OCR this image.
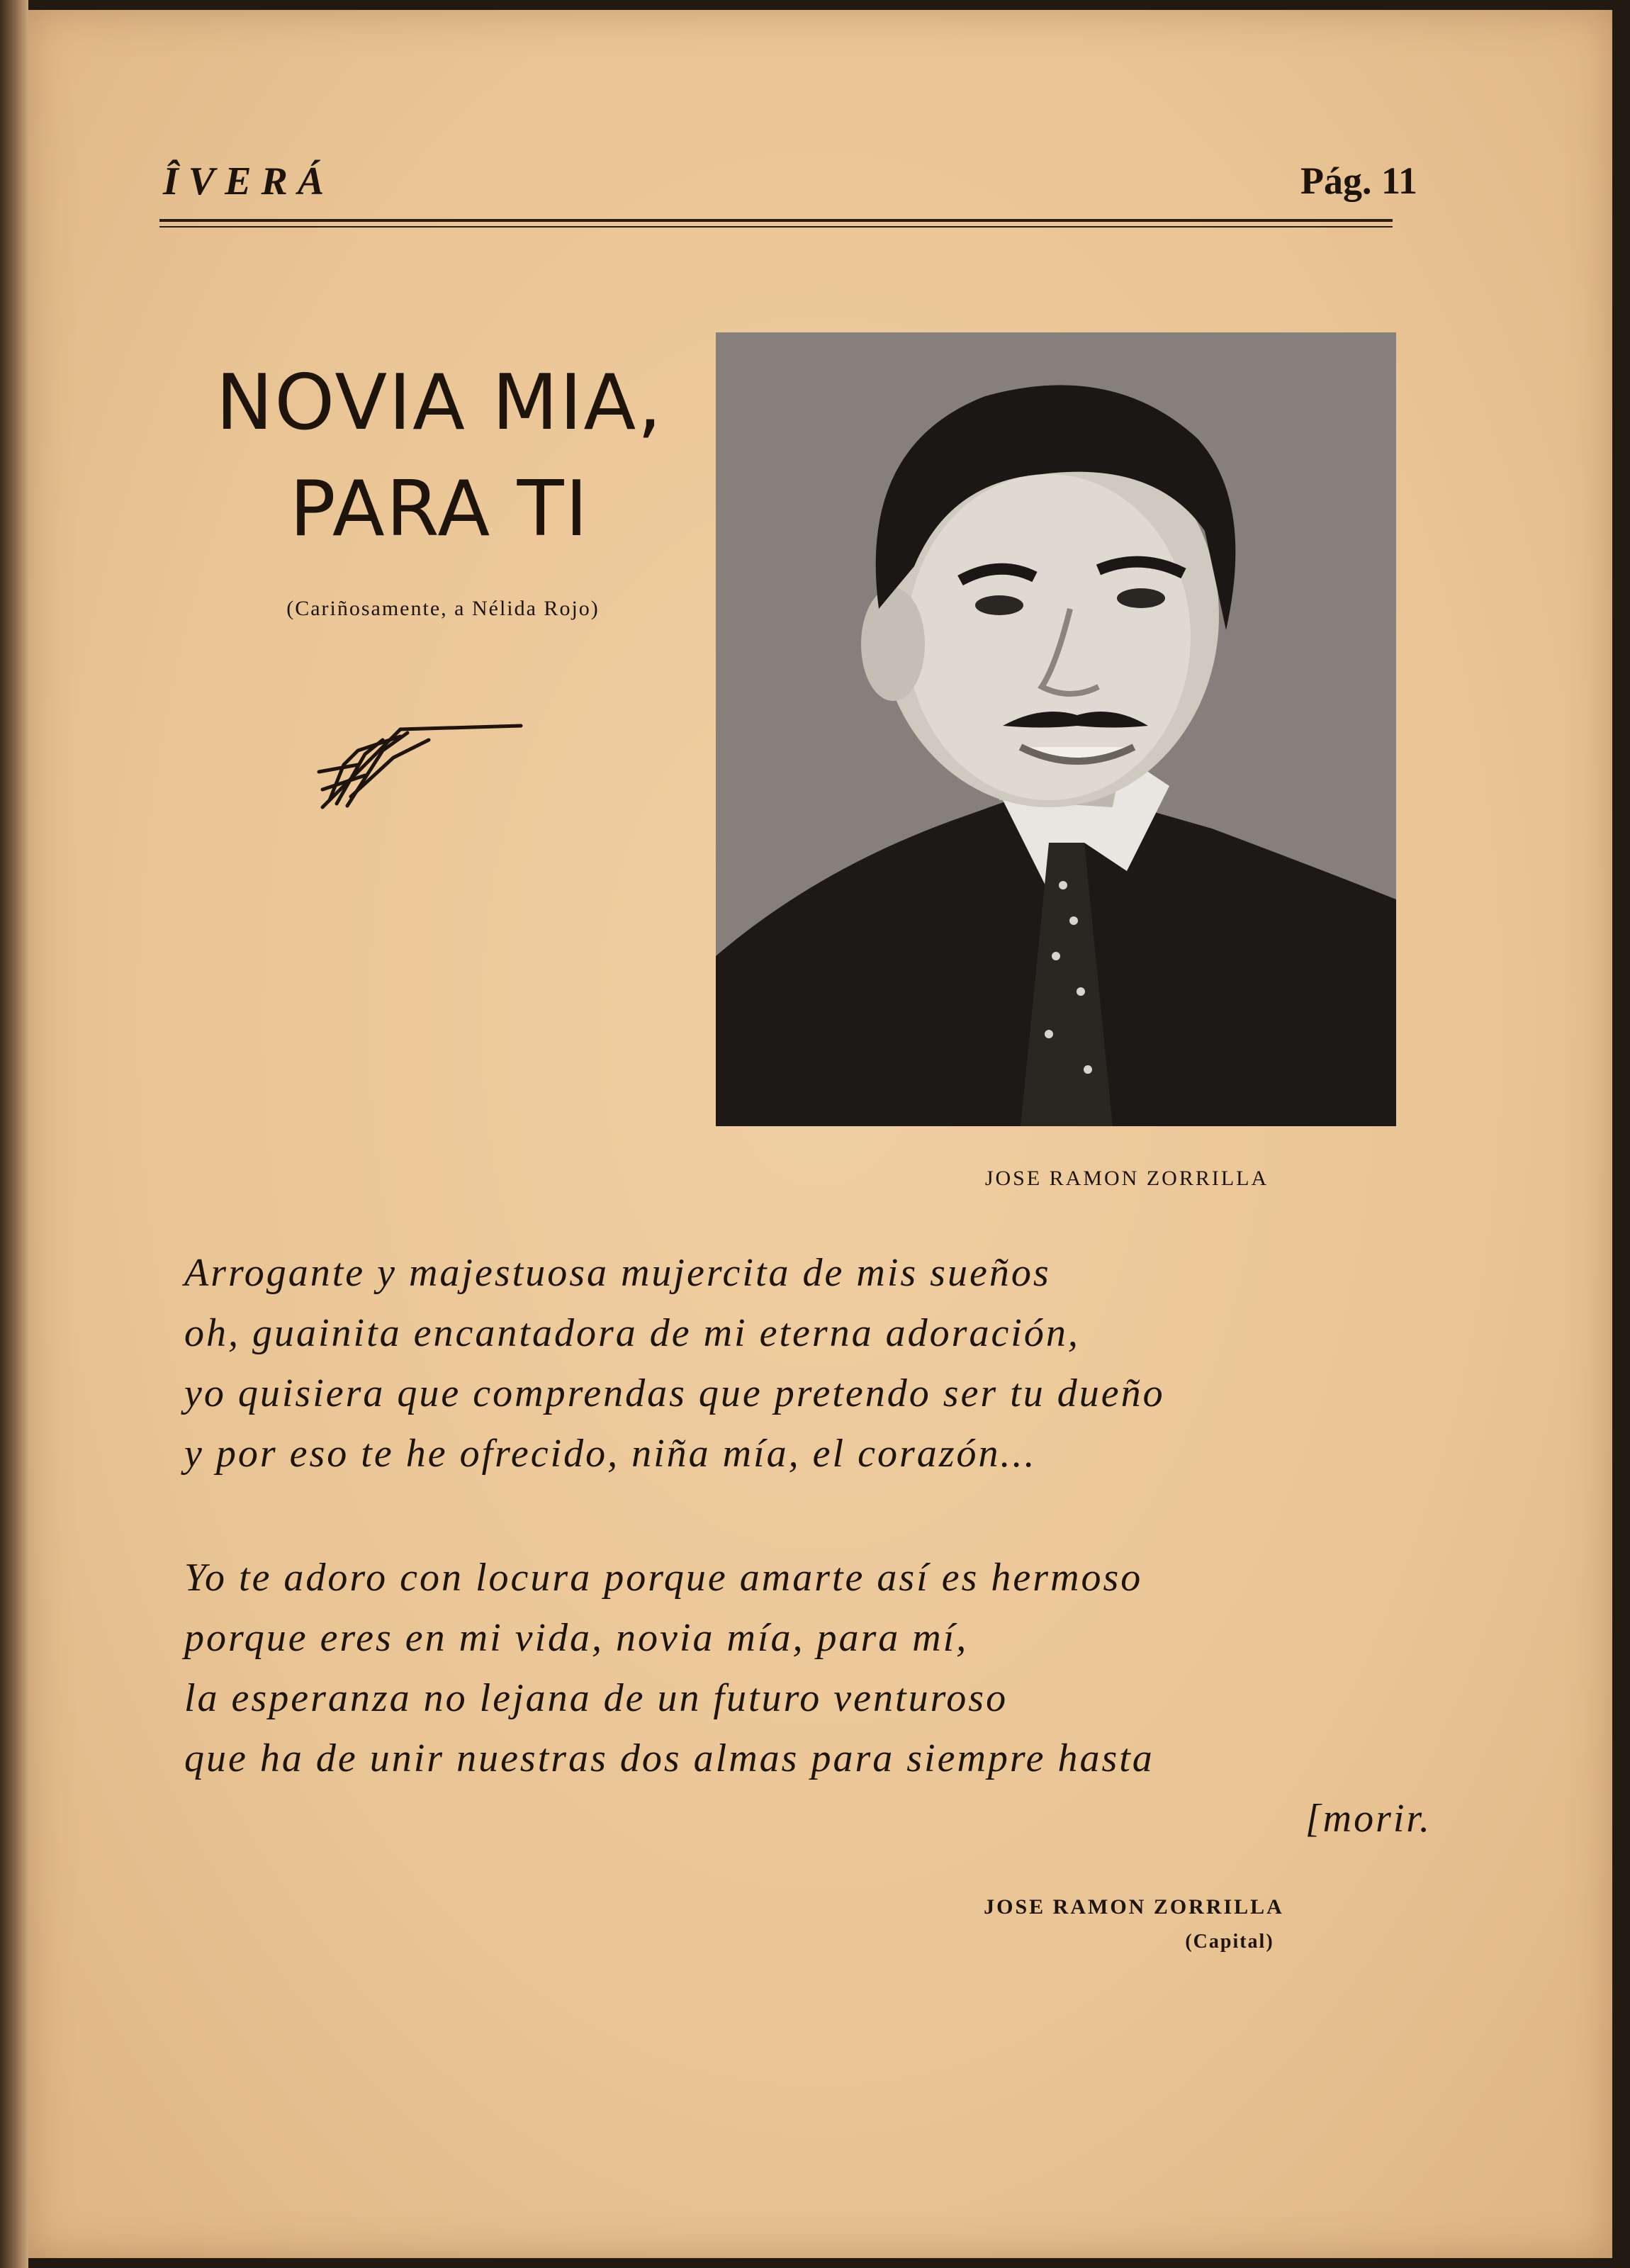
ÎVERÁ	Pág. 11
NOVIA MIA,
PARA TI
(Cariñosamente, a Nélida Rojo)
JOSE RAMON ZORRILLA
Arrogante y majestuosa mujercita de mis sueños
oh, guainita encantadora de mi eterna adoración,
yo quisiera que comprendas que pretendo ser tu dueño
y por eso te he ofrecido, niña mía, el corazón...
Yo te adoro con locura porque amarte así es hermoso
porque eres en mi vida, novia mía, para mí,
la esperanza no lejana de un futuro venturoso
que ha de unir nuestras dos almas para siempre hasta
[morir.
JOSE RAMON ZORRILLA
(Capital)
